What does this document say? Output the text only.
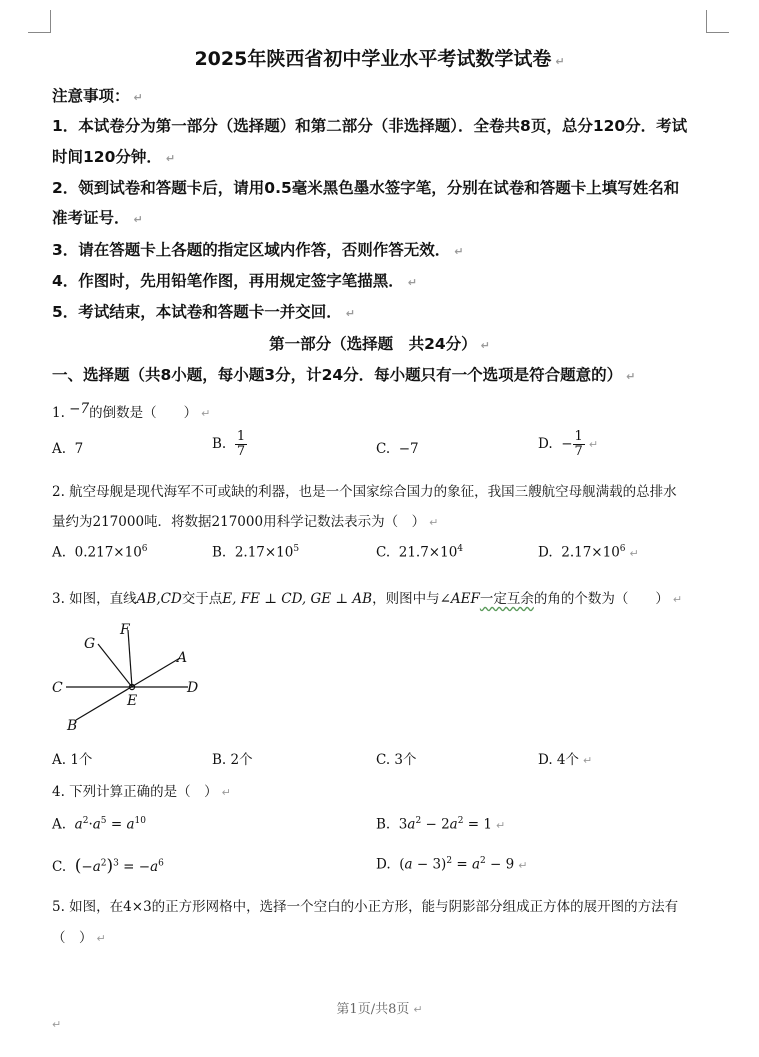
2025年陕西省初中学业水平考试数学试卷 ↵
注意事项： ↵
1．本试卷分为第一部分（选择题）和第二部分（非选择题）．全卷共8页，总分120分．考试
时间120分钟． ↵
2．领到试卷和答题卡后，请用0.5毫米黑色墨水签字笔，分别在试卷和答题卡上填写姓名和
准考证号． ↵
3．请在答题卡上各题的指定区域内作答，否则作答无效． ↵
4．作图时，先用铅笔作图，再用规定签字笔描黑． ↵
5．考试结束，本试卷和答题卡一并交回． ↵
第一部分（选择题　共24分） ↵
一、选择题（共8小题，每小题3分，计24分．每小题只有一个选项是符合题意的） ↵
1. −7的倒数是（　　） ↵
A. 7	B. $\frac{1}{7}$	C. −7	D. − $\frac{1}{7}$ ↵
2. 航空母舰是现代海军不可或缺的利器，也是一个国家综合国力的象征，我国三艘航空母舰满载的总排水
量约为217000吨．将数据217000用科学记数法表示为（　） ↵
A. $0.217\times 10^6$	B. $2.17\times 10^5$	C. $21.7\times 10^4$	D. $2.17\times 10^6$ ↵
3. 如图，直线AB,CD交于点E, FE ⊥ CD, GE ⊥ AB，则图中与∠AEF一定互余的角的个数为（　　） ↵
F
G
A
C	D
E
B
A. 1个	B. 2个	C. 3个	D. 4个 ↵
4. 下列计算正确的是（　） ↵
A. $a^2\cdot a^5 = a^{10}$	B.  $3a^2 - 2a^2 = 1$ ↵
C. $(-a^2)^3 = -a^6$	D.  $(a - 3)^2 = a^2 - 9$ ↵
5. 如图，在4×3的正方形网格中，选择一个空白的小正方形，能与阴影部分组成正方体的展开图的方法有
（　） ↵
第1页/共8页 ↵
↵
